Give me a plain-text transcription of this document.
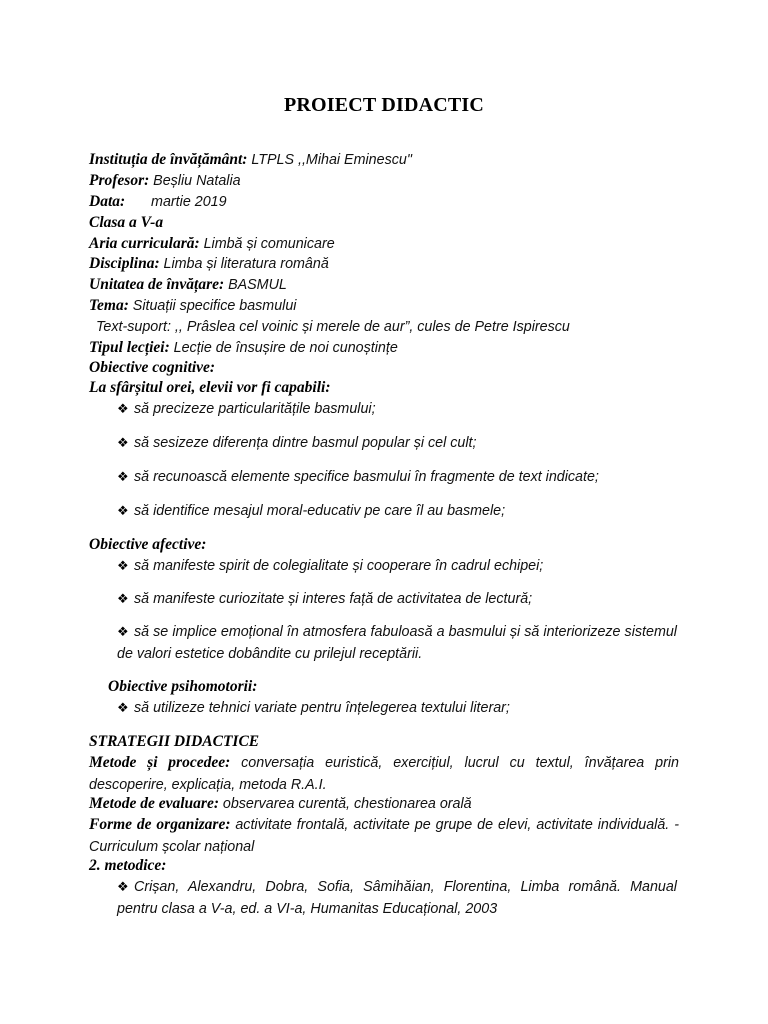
PROIECT DIDACTIC
Instituția de învățământ: LTPLS ,,Mihai Eminescu"
Profesor: Beșliu Natalia
Data: martie 2019
Clasa a V-a
Aria curriculară: Limbă și comunicare
Disciplina: Limba și literatura română
Unitatea de învățare: BASMUL
Tema: Situații specifice basmului
Text-suport: ,, Prâslea cel voinic și merele de aur”, cules de Petre Ispirescu
Tipul lecției: Lecție de însușire de noi cunoștințe
Obiective cognitive:
La sfârșitul orei, elevii vor fi capabili:
❖ să precizeze particularitățile basmului;
❖ să sesizeze diferența dintre basmul popular și cel cult;
❖ să recunoască elemente specifice basmului în fragmente de text indicate;
❖ să identifice mesajul moral-educativ pe care îl au basmele;
Obiective afective:
❖ să manifeste spirit de colegialitate și cooperare în cadrul echipei;
❖ să manifeste curiozitate și interes față de activitatea de lectură;
❖ să se implice emoțional în atmosfera fabuloasă a basmului și să interiorizeze sistemul de valori estetice dobândite cu prilejul receptării.
Obiective psihomotorii:
❖ să utilizeze tehnici variate pentru înțelegerea textului literar;
STRATEGII DIDACTICE
Metode și procedee: conversația euristică, exercițiul, lucrul cu textul, învățarea prin descoperire, explicația, metoda R.A.I.
Metode de evaluare: observarea curentă, chestionarea orală
Forme de organizare: activitate frontală, activitate pe grupe de elevi, activitate individuală. -Curriculum școlar național
2. metodice:
❖ Crișan, Alexandru, Dobra, Sofia, Sâmihăian, Florentina, Limba română. Manual pentru clasa a V-a, ed. a VI-a, Humanitas Educațional, 2003
